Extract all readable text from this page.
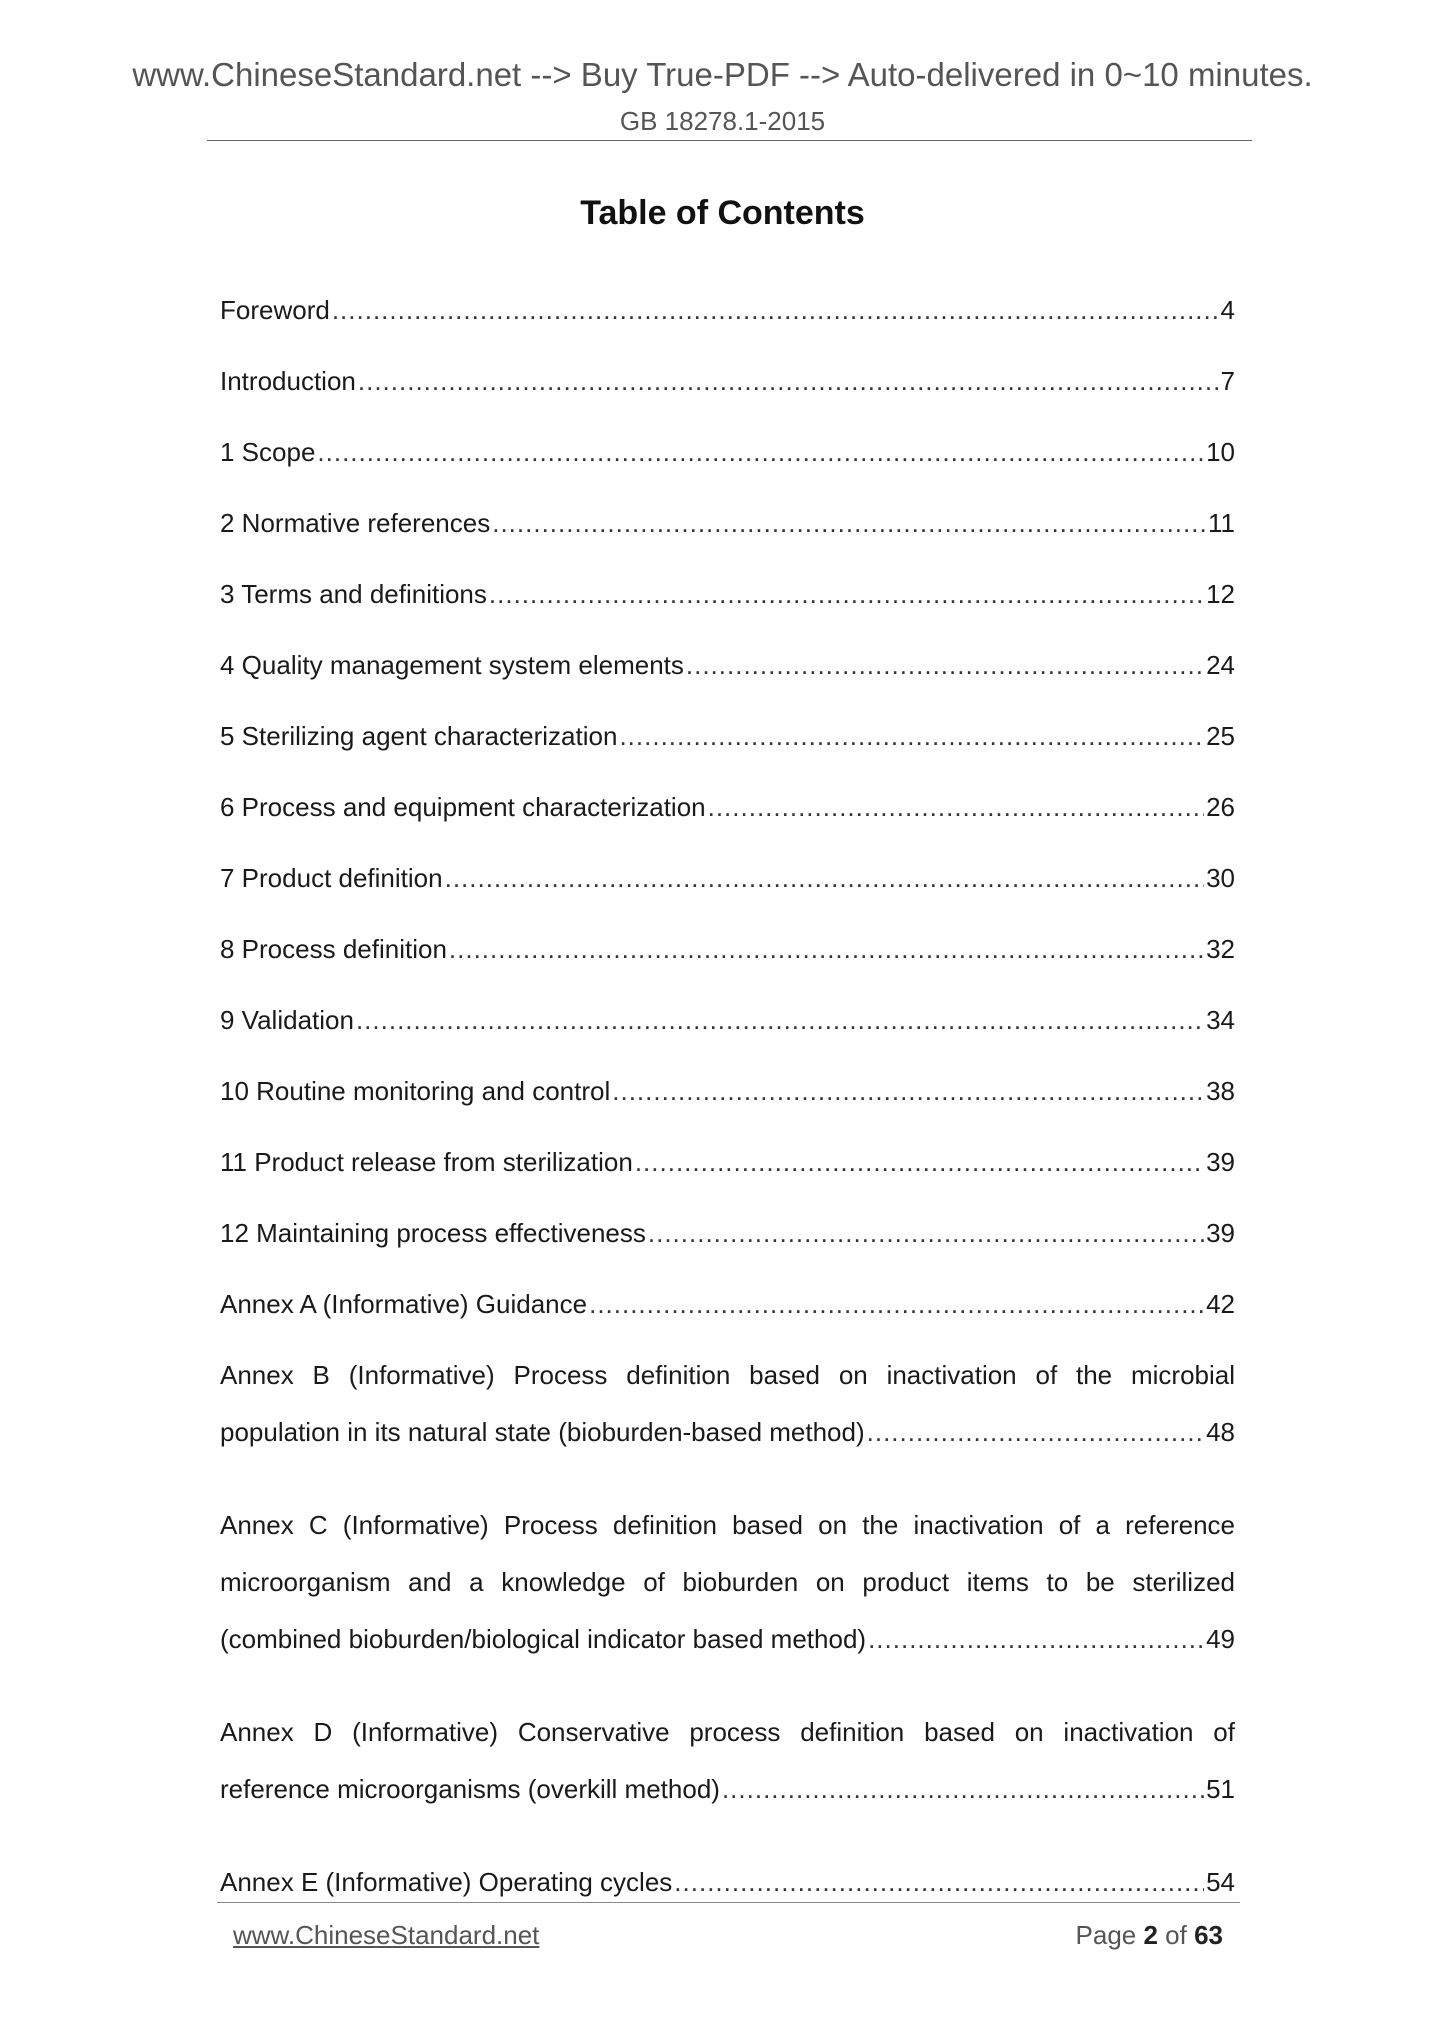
www.ChineseStandard.net --> Buy True-PDF --> Auto-delivered in 0~10 minutes.
GB 18278.1-2015
Table of Contents
Foreword .....	4
Introduction .....	7
1 Scope .....	10
2 Normative references .....	11
3 Terms and definitions .....	12
4 Quality management system elements .....	24
5 Sterilizing agent characterization .....	25
6 Process and equipment characterization .....	26
7 Product definition .....	30
8 Process definition .....	32
9 Validation .....	34
10 Routine monitoring and control .....	38
11 Product release from sterilization .....	39
12 Maintaining process effectiveness .....	39
Annex A (Informative) Guidance .....	42
Annex B (Informative) Process definition based on inactivation of the microbial
population in its natural state (bioburden-based method) .....	48
Annex C (Informative) Process definition based on the inactivation of a reference
microorganism and a knowledge of bioburden on product items to be sterilized
(combined bioburden/biological indicator based method) .....	49
Annex D (Informative) Conservative process definition based on inactivation of
reference microorganisms (overkill method) .....	51
Annex E (Informative) Operating cycles .....	54
www.ChineseStandard.net	Page 2 of 63
